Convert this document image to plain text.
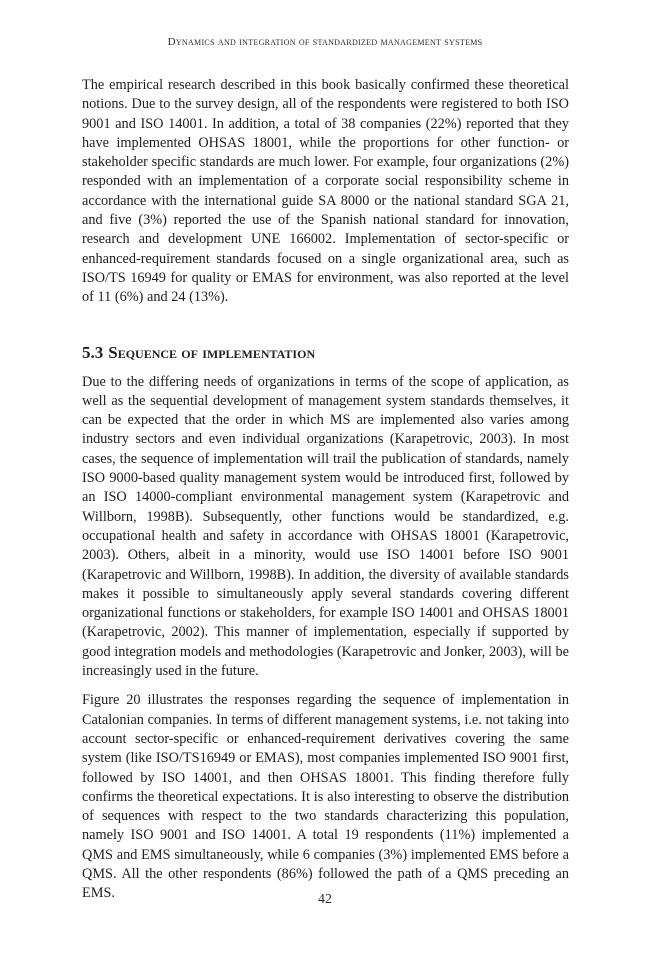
Dynamics and integration of standardized management systems

The empirical research described in this book basically confirmed these theoretical notions. Due to the survey design, all of the respondents were registered to both ISO 9001 and ISO 14001. In addition, a total of 38 companies (22%) reported that they have implemented OHSAS 18001, while the proportions for other function- or stakeholder specific standards are much lower. For example, four organizations (2%) responded with an implementation of a corporate social responsibility scheme in accordance with the international guide SA 8000 or the national standard SGA 21, and five (3%) reported the use of the Spanish national standard for innovation, research and development UNE 166002. Implementation of sector-specific or enhanced-requirement standards focused on a single organizational area, such as ISO/TS 16949 for quality or EMAS for environment, was also reported at the level of 11 (6%) and 24 (13%).

5.3 Sequence of implementation

Due to the differing needs of organizations in terms of the scope of application, as well as the sequential development of management system standards themselves, it can be expected that the order in which MS are implemented also varies among industry sectors and even individual organizations (Karapetrovic, 2003). In most cases, the sequence of implementation will trail the publication of standards, namely ISO 9000-based quality management system would be introduced first, followed by an ISO 14000-compliant environmental management system (Karapetrovic and Willborn, 1998B). Subsequently, other functions would be standardized, e.g. occupational health and safety in accordance with OHSAS 18001 (Karapetrovic, 2003). Others, albeit in a minority, would use ISO 14001 before ISO 9001 (Karapetrovic and Willborn, 1998B). In addition, the diversity of available standards makes it possible to simultaneously apply several standards covering different organizational functions or stakeholders, for example ISO 14001 and OHSAS 18001 (Karapetrovic, 2002). This manner of implementation, especially if supported by good integration models and methodologies (Karapetrovic and Jonker, 2003), will be increasingly used in the future.

Figure 20 illustrates the responses regarding the sequence of implementation in Catalonian companies. In terms of different management systems, i.e. not taking into account sector-specific or enhanced-requirement derivatives covering the same system (like ISO/TS16949 or EMAS), most companies implemented ISO 9001 first, followed by ISO 14001, and then OHSAS 18001. This finding therefore fully confirms the theoretical expectations. It is also interesting to observe the distribution of sequences with respect to the two standards characterizing this population, namely ISO 9001 and ISO 14001. A total 19 respondents (11%) implemented a QMS and EMS simultaneously, while 6 companies (3%) implemented EMS before a QMS. All the other respondents (86%) followed the path of a QMS preceding an EMS.	42
